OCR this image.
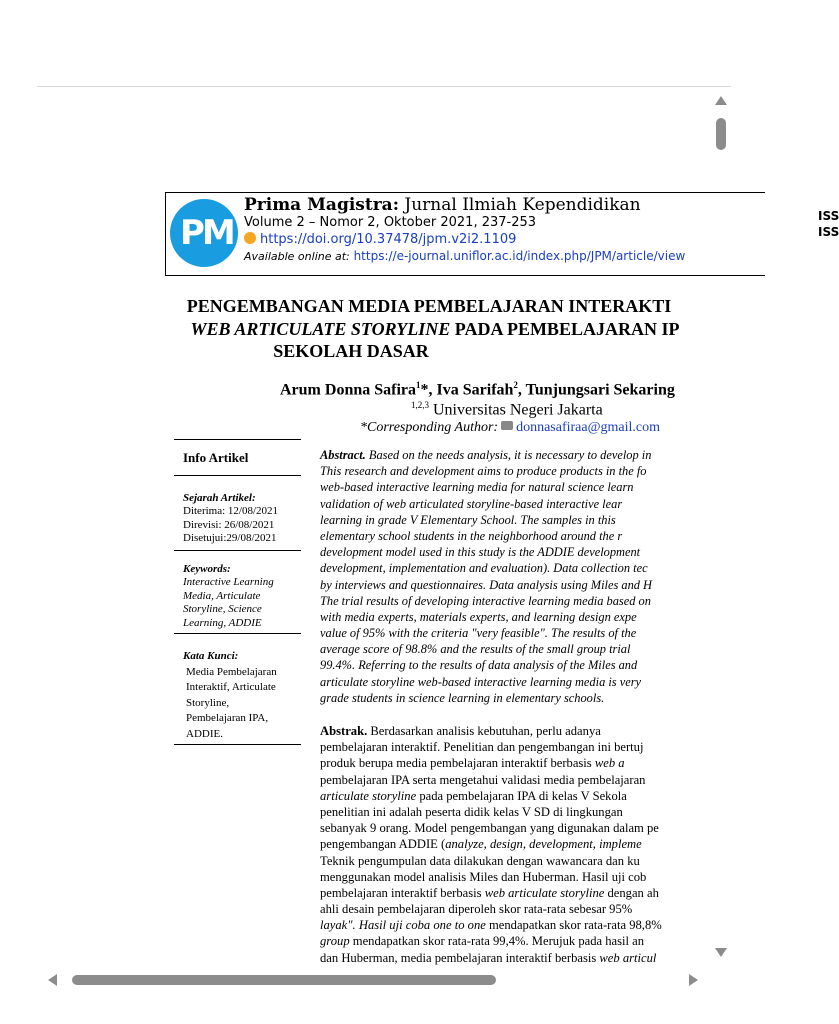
PM
Prima Magistra: Jurnal Ilmiah Kependidikan
Volume 2 – Nomor 2, Oktober 2021, 237-253
https://doi.org/10.37478/jpm.v2i2.1109
Available online at: https://e-journal.uniflor.ac.id/index.php/JPM/article/view
ISS
ISS
PENGEMBANGAN MEDIA PEMBELAJARAN INTERAKTI
WEB ARTICULATE STORYLINE PADA PEMBELAJARAN IP
SEKOLAH DASAR
Arum Donna Safira$^1$*, Iva Sarifah$^2$, Tunjungsari Sekaring
$^{1,2,3}$ Universitas Negeri Jakarta
*Corresponding Author: donnasafiraa@gmail.com
Info Artikel
Sejarah Artikel:
Diterima: 12/08/2021
Direvisi: 26/08/2021
Disetujui:29/08/2021
Keywords:
Interactive Learning
Media, Articulate
Storyline, Science
Learning, ADDIE
Kata Kunci:
Media Pembelajaran
Interaktif, Articulate
Storyline,
Pembelajaran IPA,
ADDIE.
Abstract. Based on the needs analysis, it is necessary to develop in
This research and development aims to produce products in the fo
web-based interactive learning media for natural science learn
validation of web articulated storyline-based interactive lear
learning in grade V Elementary School. The samples in this
elementary school students in the neighborhood around the r
development model used in this study is the ADDIE development
development, implementation and evaluation). Data collection tec
by interviews and questionnaires. Data analysis using Miles and H
The trial results of developing interactive learning media based on
with media experts, materials experts, and learning design expe
value of 95% with the criteria "very feasible". The results of the
average score of 98.8% and the results of the small group trial
99.4%. Referring to the results of data analysis of the Miles and
articulate storyline web-based interactive learning media is very
grade students in science learning in elementary schools.
Abstrak. Berdasarkan analisis kebutuhan, perlu adanya
pembelajaran interaktif. Penelitian dan pengembangan ini bertuj
produk berupa media pembelajaran interaktif berbasis web a
pembelajaran IPA serta mengetahui validasi media pembelajaran
articulate storyline pada pembelajaran IPA di kelas V Sekola
penelitian ini adalah peserta didik kelas V SD di lingkungan
sebanyak 9 orang. Model pengembangan yang digunakan dalam pe
pengembangan ADDIE (analyze, design, development, impleme
Teknik pengumpulan data dilakukan dengan wawancara dan ku
menggunakan model analisis Miles dan Huberman. Hasil uji cob
pembelajaran interaktif berbasis web articulate storyline dengan ah
ahli desain pembelajaran diperoleh skor rata-rata sebesar 95%
layak". Hasil uji coba one to one mendapatkan skor rata-rata 98,8%
group mendapatkan skor rata-rata 99,4%. Merujuk pada hasil an
dan Huberman, media pembelajaran interaktif berbasis web articul
